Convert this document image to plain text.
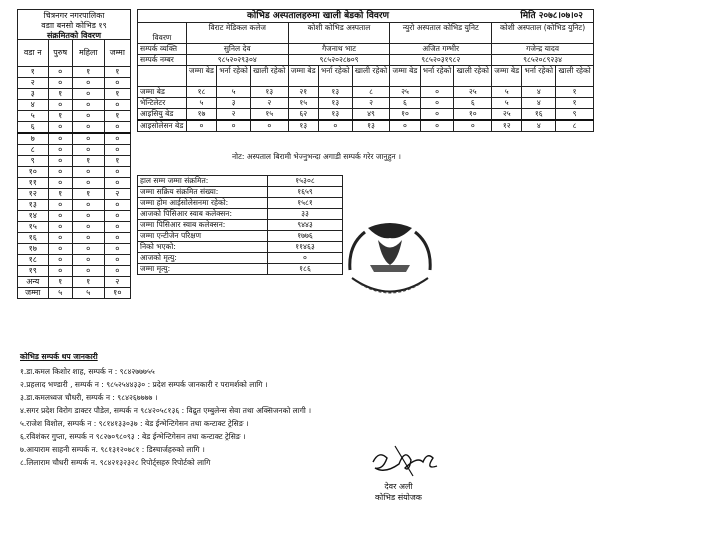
चित्रनगर नगरपालिका
वडाा बनसो कोभिड १९
संक्रमितको विवरण
वडा न	पुरुष	महिला	जम्मा
१	०	१	१
२	०	०	०
३	१	०	१
४	०	०	०
५	१	०	१
६	०	०	०
७	०	०	०
८	०	०	०
९	०	१	१
१०	०	०	०
११	०	०	०
१२	१	१	२
१३	०	०	०
१४	०	०	०
१५	०	०	०
१६	०	०	०
१७	०	०	०
१८	०	०	०
१९	०	०	०
अन्य	१	१	२
जम्मा	५	५	१०
कोभिड अस्पतालहरुमा खाली बेडको विवरण	मिति २०७८।०७।०२
विवरण	विराट मेडिकल कलेज			कोशी कोभिड अस्पताल			न्युरो अस्पताल कोभिड युनिट			कोशी अस्पताल (कोभिड युनिट)		
सम्पर्क व्यक्ति	सुनिल देव			गैजनाथ भाट			अजित गम्भीर			गजेन्द्र यादव		
सम्पर्क नम्बर	९८५२०२९३०४			९८५२०२८७०९			९८५२०३१९८२			९८५२०८९२३४		
	जम्मा बेड	भर्ना रहेको	खाली रहेको	जम्मा बेड	भर्ना रहेको	खाली रहेको	जम्मा बेड	भर्ना रहेको	खाली रहेको	जम्मा बेड	भर्ना रहेको	खाली रहेको
जम्मा बेड	१८	५	१३	२१	१३	८	२५	०	२५	५	४	१
भेन्टिलेटर	५	३	२	१५	१३	२	६	०	६	५	४	१
आइसियु बेड	१७	२	१५	६२	१३	४९	१०	०	१०	२५	१६	९
आइसोलेसन बेड	०	०	०	१३	०	१३	०	०	०	१२	४	८
नोट: अस्पताल बिरामी भेज्नुभन्दा अगाडी सम्पर्क गरेर जानुहुन ।
हाल सम्म जम्मा संक्रमित:	१५३०८
जम्मा सक्रिय संक्रमित संख्या:	१६५९
जम्मा होम आईसोलेसनमा रहेको:	१५८१
आजको पिसिआर स्वाब कलेक्सन:	३३
जम्मा पिसिआर स्वाब कलेक्सन:	९४४३
जम्मा एन्टीजेन परिक्षण	१७७६
निको भएको:	११४६३
आजको मृत्यु:	०
जम्मा मृत्यु:	१८६
कोभिड सम्पर्क थप जानकारी
१.डा.कमल किशोर शाह, सम्पर्क न : ९८४२७७७५५
२.प्रहलाद भण्डारी , सम्पर्क न : ९८५२५४४३३० : प्रदेश सम्पर्क जानकारी र परामर्शको लागि ।
३.डा.कमलध्वज चौधरी, सम्पर्क न : ९८४२६७७७७ ।
४.सगर प्रदेश विरोग डाक्टर पौडेल, सम्पर्क न ९८४२०५८१३६ : विद्रुत एम्बुलेन्स सेवा तथा अक्सिजनको लागी ।
५.राजेश विशोल, सम्पर्क न : ९८१४१३३०३७ : बेड ईन्भेन्टिगेसन तथा कन्टाक्ट ट्रेसिङ ।
६.रविशंकर गुप्ता, सम्पर्क न ९८२७०९८०९३ : बेड ईन्भेन्टिगेसन तथा कन्टाक्ट ट्रेसिङ ।
७.आयाराम साहनी सम्पर्क न. ९८१३१२०७८१ : डिस्चार्जहरुको लागि ।
८.लिलाराम चौधरी सम्पर्क न. ९८४२१३२३२८ रिपोर्ट्सहरु रिपोर्टको लागि
देवर अली
कोभिड संयोजक
